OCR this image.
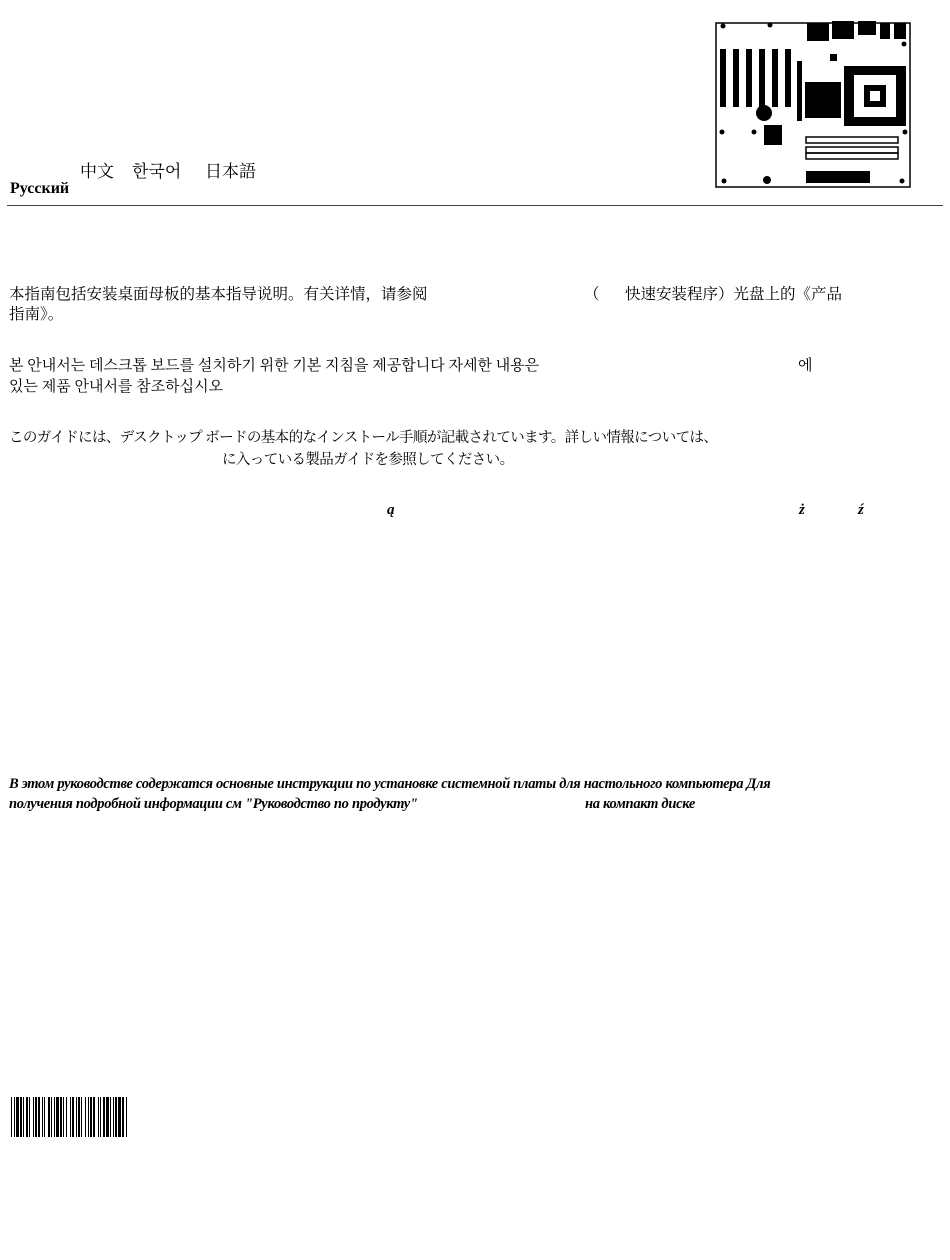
中文 한국어 日本語
Русский
本指南包括安装桌面母板的基本指导说明。有关详情，请参阅	（ 快速安装程序）光盘上的《产品
指南》。
본 안내서는 데스크톱 보드를 설치하기 위한 기본 지침을 제공합니다 자세한 내용은	에
있는 제품 안내서를 참조하십시오
このガイドには、デスクトップ ボードの基本的なインストール手順が記載されています。詳しい情報については、
に入っている製品ガイドを参照してください。
ą	ż	ź
В этом руководстве содержатся основные инструкции по установке системной платы для настольного компьютера Для
получения подробной информации см "Руководство по продукту"	на компакт диске
